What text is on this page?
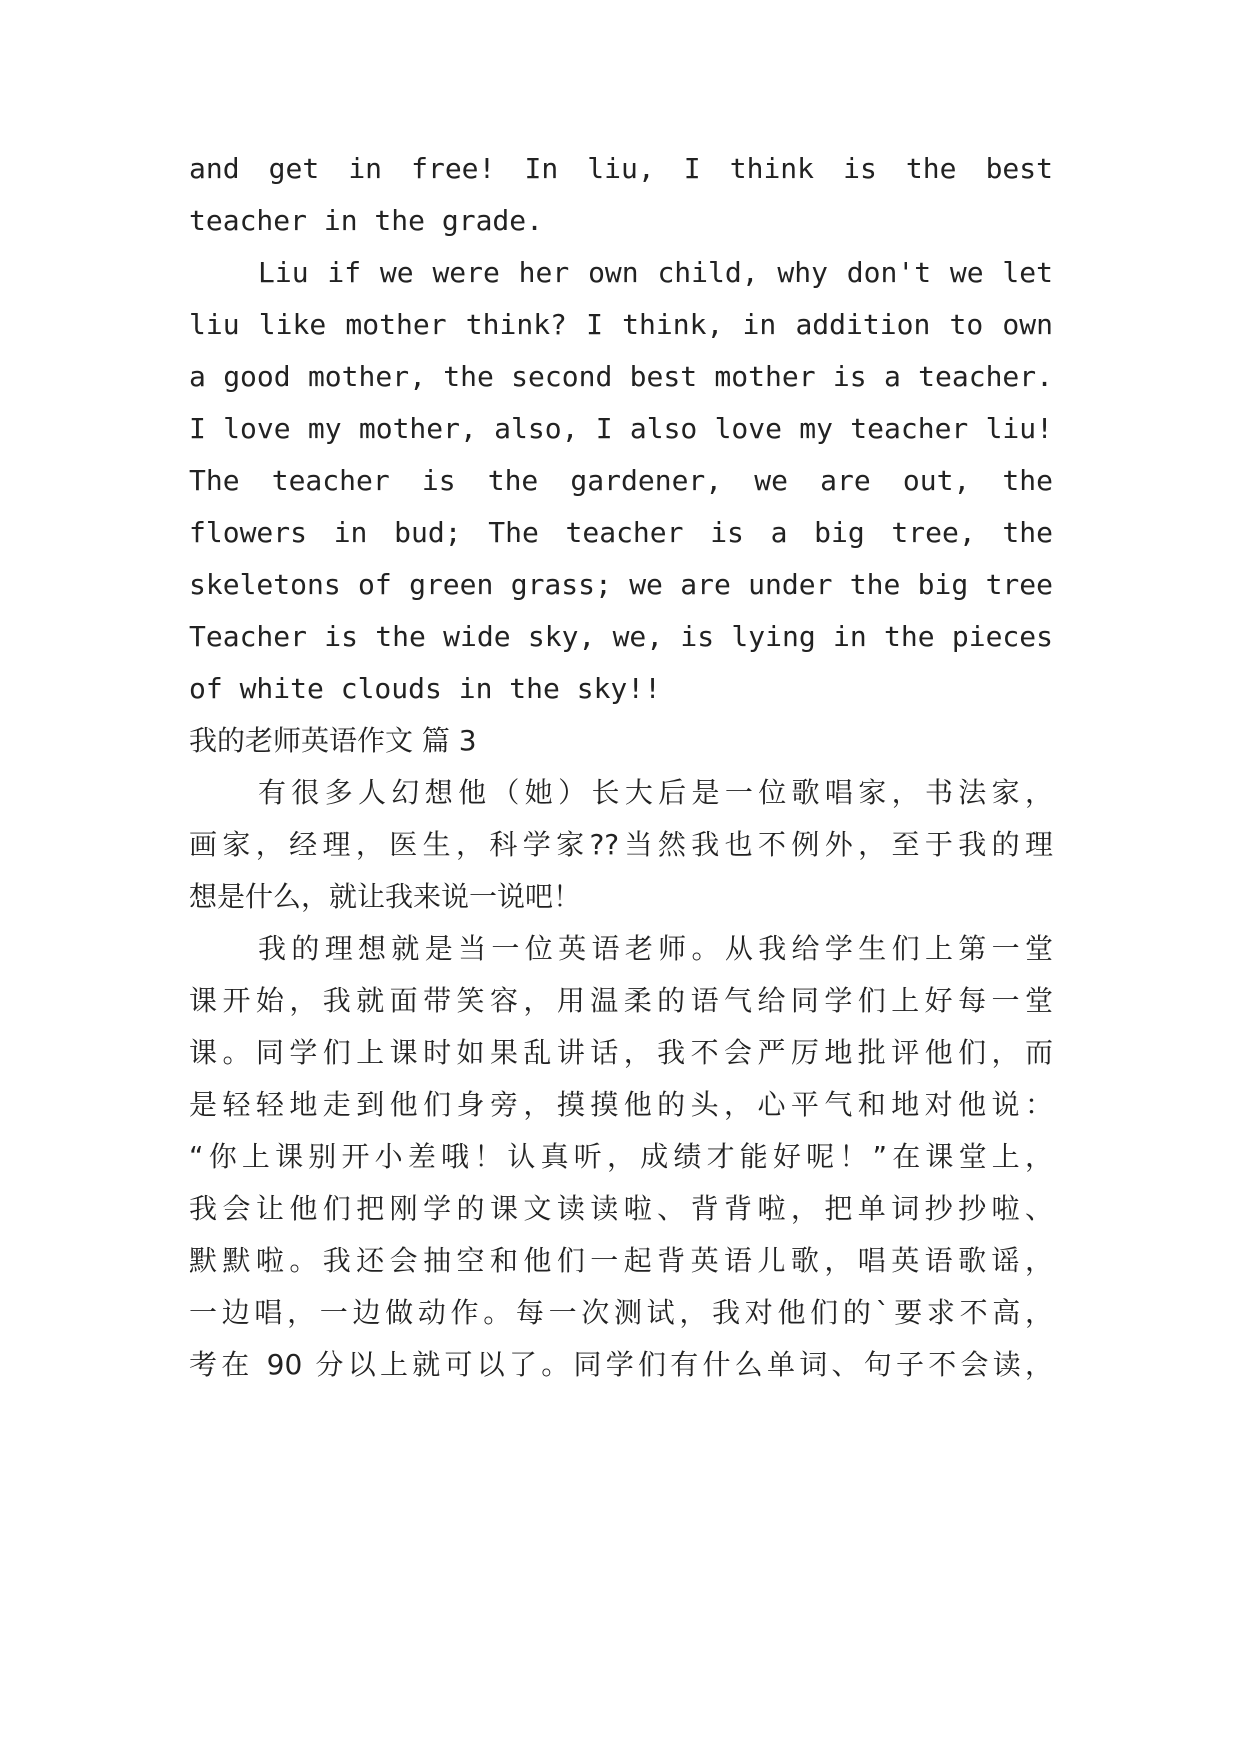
and get in free! In liu, I think is the best
teacher in the grade.
Liu if we were her own child, why don't we let
liu like mother think? I think, in addition to own
a good mother, the second best mother is a teacher.
I love my mother, also, I also love my teacher liu!
The teacher is the gardener, we are out, the
flowers in bud; The teacher is a big tree, the
skeletons of green grass; we are under the big tree
Teacher is the wide sky, we, is lying in the pieces
of white clouds in the sky!!
我的老师英语作文 篇 3
有很多人幻想他（她）长大后是一位歌唱家，书法家，
画家，经理，医生，科学家??当然我也不例外，至于我的理
想是什么，就让我来说一说吧！
我的理想就是当一位英语老师。从我给学生们上第一堂
课开始，我就面带笑容，用温柔的语气给同学们上好每一堂
课。同学们上课时如果乱讲话，我不会严厉地批评他们，而
是轻轻地走到他们身旁，摸摸他的头，心平气和地对他说：
“你上课别开小差哦！认真听，成绩才能好呢！”在课堂上，
我会让他们把刚学的课文读读啦、背背啦，把单词抄抄啦、
默默啦。我还会抽空和他们一起背英语儿歌，唱英语歌谣，
一边唱，一边做动作。每一次测试，我对他们的`要求不高，
考在 90 分以上就可以了。同学们有什么单词、句子不会读，
